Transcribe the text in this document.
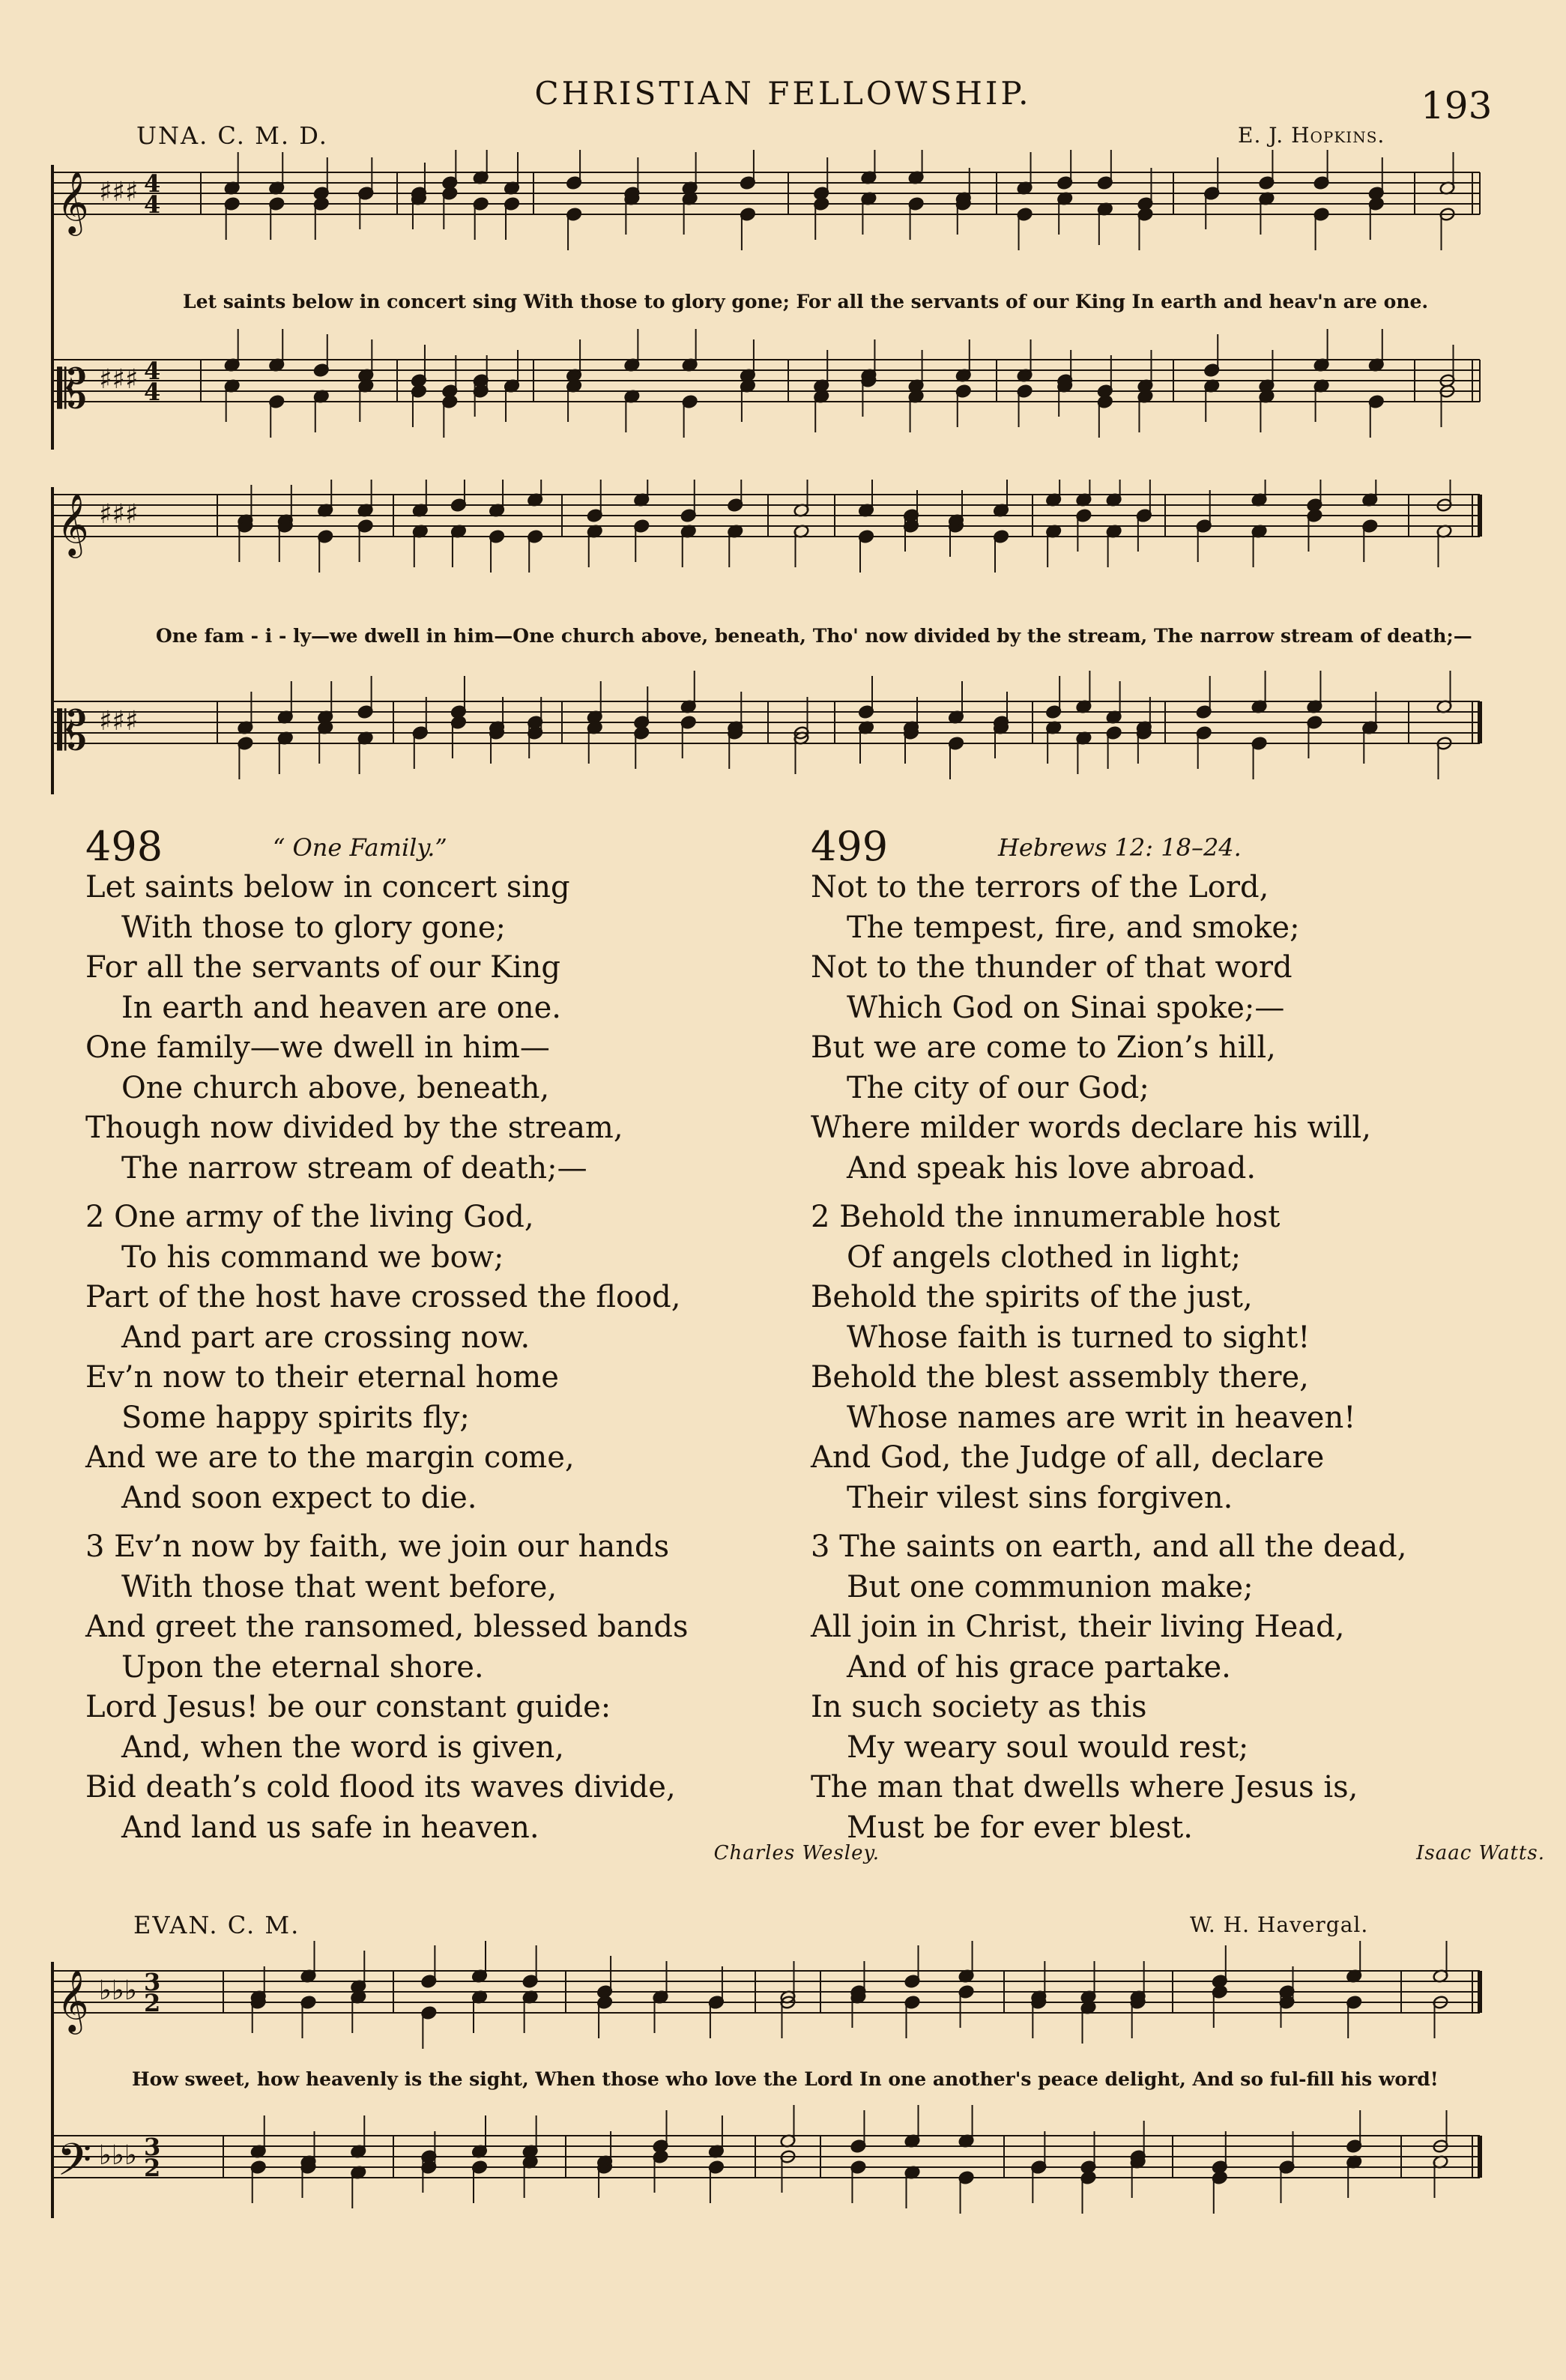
CHRISTIAN FELLOWSHIP.	193
UNA. C. M. D.	E. J. Hopkins.
𝄞 ♯♯♯ 4
4
𝄡 ♯♯♯ 4
4
Let saints below in concert sing With those to glory gone; For all the servants of our King In earth and heav'n are one.
𝄞 ♯♯♯
𝄡 ♯♯♯
One fam - i - ly—we dwell in him—One church above, beneath, Tho' now divided by the stream, The narrow stream of death;—
498	“ One Family.”
Let saints below in concert sing
With those to glory gone;
For all the servants of our King
In earth and heaven are one.
One family—we dwell in him—
One church above, beneath,
Though now divided by the stream,
The narrow stream of death;—
2 One army of the living God,
To his command we bow;
Part of the host have crossed the flood,
And part are crossing now.
Ev’n now to their eternal home
Some happy spirits fly;
And we are to the margin come,
And soon expect to die.
3 Ev’n now by faith, we join our hands
With those that went before,
And greet the ransomed, blessed bands
Upon the eternal shore.
Lord Jesus! be our constant guide:
And, when the word is given,
Bid death’s cold flood its waves divide,
And land us safe in heaven.
Charles Wesley.
499	Hebrews 12: 18–24.
Not to the terrors of the Lord,
The tempest, fire, and smoke;
Not to the thunder of that word
Which God on Sinai spoke;—
But we are come to Zion’s hill,
The city of our God;
Where milder words declare his will,
And speak his love abroad.
2 Behold the innumerable host
Of angels clothed in light;
Behold the spirits of the just,
Whose faith is turned to sight!
Behold the blest assembly there,
Whose names are writ in heaven!
And God, the Judge of all, declare
Their vilest sins forgiven.
3 The saints on earth, and all the dead,
But one communion make;
All join in Christ, their living Head,
And of his grace partake.
In such society as this
My weary soul would rest;
The man that dwells where Jesus is,
Must be for ever blest.
Isaac Watts.
EVAN. C. M.	W. H. Havergal.
𝄞 ♭♭♭ 3
2
𝄢 ♭♭♭ 3
2
How sweet, how heavenly is the sight, When those who love the Lord In one another's peace delight, And so ful-fill his word!
